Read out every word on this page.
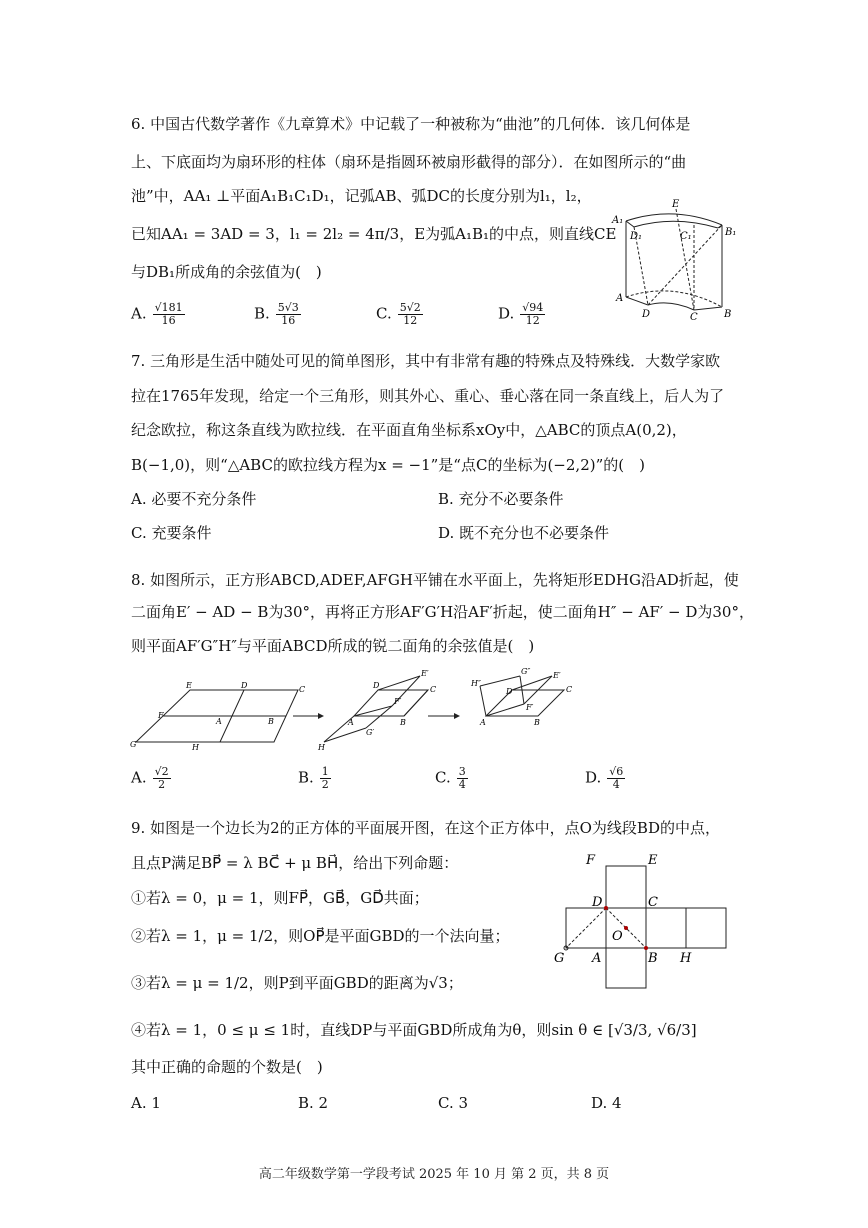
6. 中国古代数学著作《九章算术》中记载了一种被称为“曲池”的几何体．该几何体是
上、下底面均为扇环形的柱体（扇环是指圆环被扇形截得的部分）．在如图所示的“曲
池”中，AA₁ ⊥平面A₁B₁C₁D₁，记弧AB、弧DC的长度分别为l₁，l₂，
已知AA₁ = 3AD = 3，l₁ = 2l₂ = 4π/3，E为弧A₁B₁的中点，则直线CE
与DB₁所成角的余弦值为(　)
A. $\frac{√181}{16}$	B. $\frac{5√3}{16}$	C. $\frac{5√2}{12}$	D. $\frac{√94}{12}$
E
A₁
D₁	C₁	B₁
A
D	C	B
7. 三角形是生活中随处可见的简单图形，其中有非常有趣的特殊点及特殊线．大数学家欧
拉在1765年发现，给定一个三角形，则其外心、重心、垂心落在同一条直线上，后人为了
纪念欧拉，称这条直线为欧拉线．在平面直角坐标系xOy中，△ABC的顶点A(0,2)，
B(−1,0)，则“△ABC的欧拉线方程为x = −1”是“点C的坐标为(−2,2)”的(　)
A. 必要不充分条件	B. 充分不必要条件
C. 充要条件	D. 既不充分也不必要条件
8. 如图所示，正方形ABCD,ADEF,AFGH平铺在水平面上，先将矩形EDHG沿AD折起，使
二面角E′ − AD − B为30°，再将正方形AF′G′H沿AF′折起，使二面角H″ − AF′ − D为30°，
则平面AF′G″H″与平面ABCD所成的锐二面角的余弦值是(　)
E	D	C
F
A	B
G	H
D
E′
C
F′
A	B
G′
H
G″
H″
E′
D	C
F′
A	B
A. $\frac{√2}{2}$	B. $\frac{1}{2}$	C. $\frac{3}{4}$	D. $\frac{√6}{4}$
9. 如图是一个边长为2的正方体的平面展开图，在这个正方体中，点O为线段BD的中点，
且点P满足BP⃗ = λ BC⃗ + μ BH⃗，给出下列命题：
①若λ = 0，μ = 1，则FP⃗，GB⃗，GD⃗共面；
②若λ = 1，μ = 1/2，则OP⃗是平面GBD的一个法向量；
③若λ = μ = 1/2，则P到平面GBD的距离为√3；
④若λ = 1，0 ≤ μ ≤ 1时，直线DP与平面GBD所成角为θ，则sin θ ∈ [√3/3, √6/3]
其中正确的命题的个数是(　)
F	E
D	C
O
G A	B H
A. 1	B. 2	C. 3	D. 4
高二年级数学第一学段考试 2025 年 10 月 第 2 页，共 8 页
